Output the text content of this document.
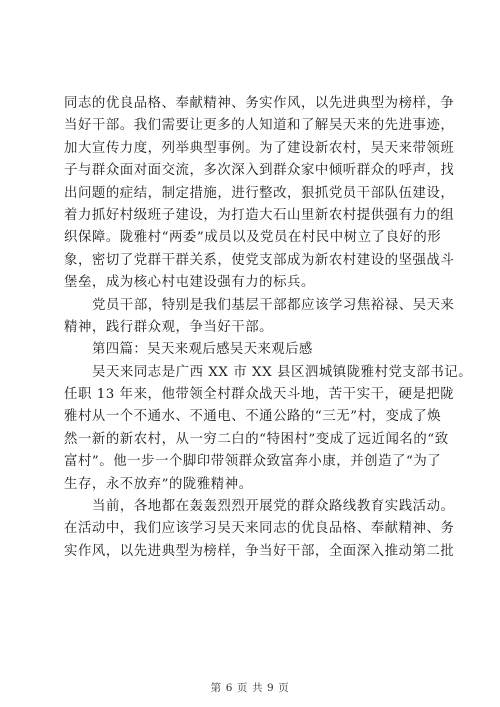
同志的优良品格、奉献精神、务实作风，以先进典型为榜样，争
当好干部。我们需要让更多的人知道和了解吴天来的先进事迹，
加大宣传力度，列举典型事例。为了建设新农村，吴天来带领班
子与群众面对面交流，多次深入到群众家中倾听群众的呼声，找
出问题的症结，制定措施，进行整改，狠抓党员干部队伍建设，
着力抓好村级班子建设，为打造大石山里新农村提供强有力的组
织保障。陇雅村“两委”成员以及党员在村民中树立了良好的形
象，密切了党群干群关系，使党支部成为新农村建设的坚强战斗
堡垒，成为核心村屯建设强有力的标兵。
党员干部，特别是我们基层干部都应该学习焦裕禄、吴天来
精神，践行群众观，争当好干部。
第四篇：吴天来观后感吴天来观后感
吴天来同志是广西 XX 市 XX 县区泗城镇陇雅村党支部书记。
任职 13 年来，他带领全村群众战天斗地，苦干实干，硬是把陇
雅村从一个不通水、不通电、不通公路的“三无”村，变成了焕
然一新的新农村，从一穷二白的“特困村”变成了远近闻名的“致
富村”。他一步一个脚印带领群众致富奔小康，并创造了“为了
生存，永不放弃”的陇雅精神。
当前，各地都在轰轰烈烈开展党的群众路线教育实践活动。
在活动中，我们应该学习吴天来同志的优良品格、奉献精神、务
实作风，以先进典型为榜样，争当好干部，全面深入推动第二批
第 6 页 共 9 页
